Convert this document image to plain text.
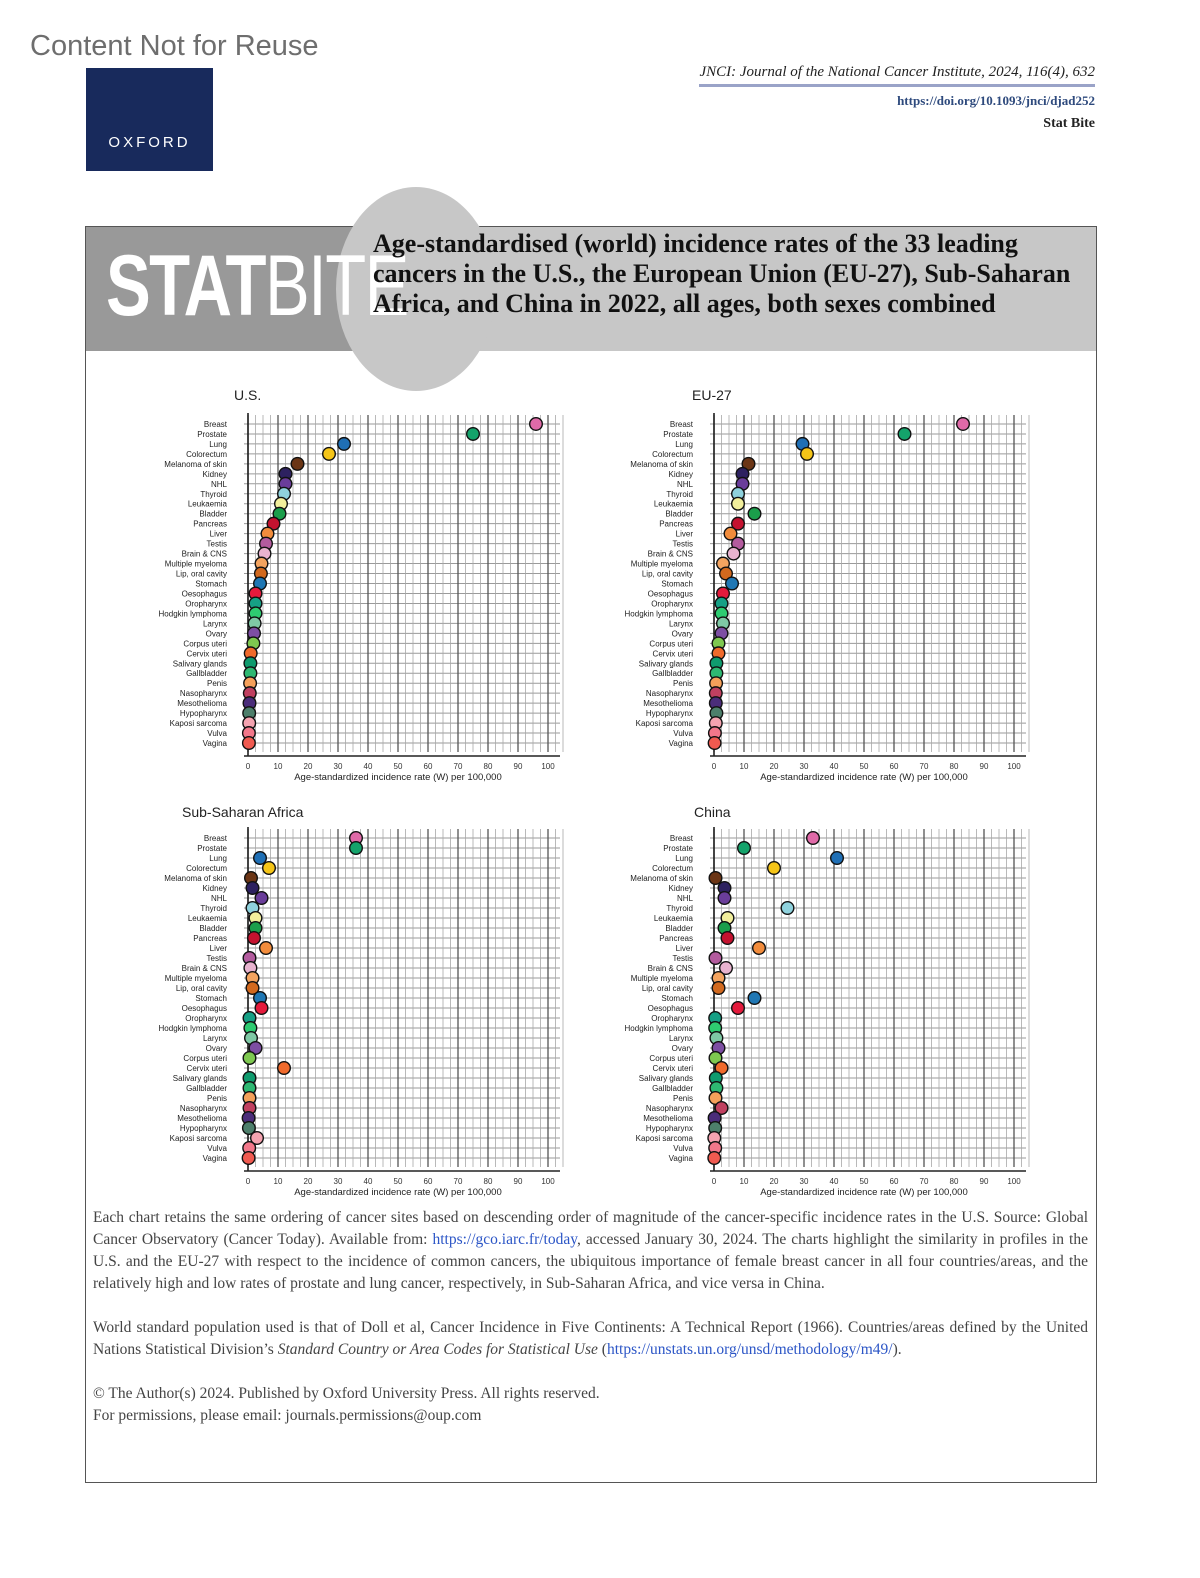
Content Not for Reuse
OXFORD
JNCI: Journal of the National Cancer Institute, 2024, 116(4), 632
https://doi.org/10.1093/jnci/djad252
Stat Bite
STATBITE
Age-standardised (world) incidence rates of the 33 leading cancers in the U.S., the European Union (EU-27), Sub-Saharan Africa, and China in 2022, all ages, both sexes combined

Each chart retains the same ordering of cancer sites based on descending order of magnitude of the cancer-specific incidence rates in the U.S. Source: Global Cancer Observatory (Cancer Today). Available from: https://gco.iarc.fr/today, accessed January 30, 2024. The charts highlight the similarity in profiles in the U.S. and the EU-27 with respect to the incidence of common cancers, the ubiquitous importance of female breast cancer in all four countries/areas, and the relatively high and low rates of prostate and lung cancer, respectively, in Sub-Saharan Africa, and vice versa in China.

World standard population used is that of Doll et al, Cancer Incidence in Five Continents: A Technical Report (1966). Countries/areas defined by the United Nations Statistical Division’s Standard Country or Area Codes for Statistical Use (https://unstats.un.org/unsd/methodology/m49/).

© The Author(s) 2024. Published by Oxford University Press. All rights reserved.
For permissions, please email: journals.permissions@oup.com
U.S.
0	10	20	30	40	50	60	70	80	90 100
Age-standardized incidence rate (W) per 100,000
Breast
Prostate
Lung
Colorectum
Melanoma of skin
Kidney
NHL
Thyroid
Leukaemia
Bladder
Pancreas
Liver
Testis
Brain & CNS
Multiple myeloma
Lip, oral cavity
Stomach
Oesophagus
Oropharynx
Hodgkin lymphoma
Larynx
Ovary
Corpus uteri
Cervix uteri
Salivary glands
Gallbladder
Penis
Nasopharynx
Mesothelioma
Hypopharynx
Kaposi sarcoma
Vulva
Vagina
EU-27
0	10	20	30	40	50	60	70	80	90 100
Age-standardized incidence rate (W) per 100,000
Breast
Prostate
Lung
Colorectum
Melanoma of skin
Kidney
NHL
Thyroid
Leukaemia
Bladder
Pancreas
Liver
Testis
Brain & CNS
Multiple myeloma
Lip, oral cavity
Stomach
Oesophagus
Oropharynx
Hodgkin lymphoma
Larynx
Ovary
Corpus uteri
Cervix uteri
Salivary glands
Gallbladder
Penis
Nasopharynx
Mesothelioma
Hypopharynx
Kaposi sarcoma
Vulva
Vagina
Sub-Saharan Africa
0	10	20	30	40	50	60	70	80	90 100
Age-standardized incidence rate (W) per 100,000
Breast
Prostate
Lung
Colorectum
Melanoma of skin
Kidney
NHL
Thyroid
Leukaemia
Bladder
Pancreas
Liver
Testis
Brain & CNS
Multiple myeloma
Lip, oral cavity
Stomach
Oesophagus
Oropharynx
Hodgkin lymphoma
Larynx
Ovary
Corpus uteri
Cervix uteri
Salivary glands
Gallbladder
Penis
Nasopharynx
Mesothelioma
Hypopharynx
Kaposi sarcoma
Vulva
Vagina
China
0	10	20	30	40	50	60	70	80	90 100
Age-standardized incidence rate (W) per 100,000
Breast
Prostate
Lung
Colorectum
Melanoma of skin
Kidney
NHL
Thyroid
Leukaemia
Bladder
Pancreas
Liver
Testis
Brain & CNS
Multiple myeloma
Lip, oral cavity
Stomach
Oesophagus
Oropharynx
Hodgkin lymphoma
Larynx
Ovary
Corpus uteri
Cervix uteri
Salivary glands
Gallbladder
Penis
Nasopharynx
Mesothelioma
Hypopharynx
Kaposi sarcoma
Vulva
Vagina
